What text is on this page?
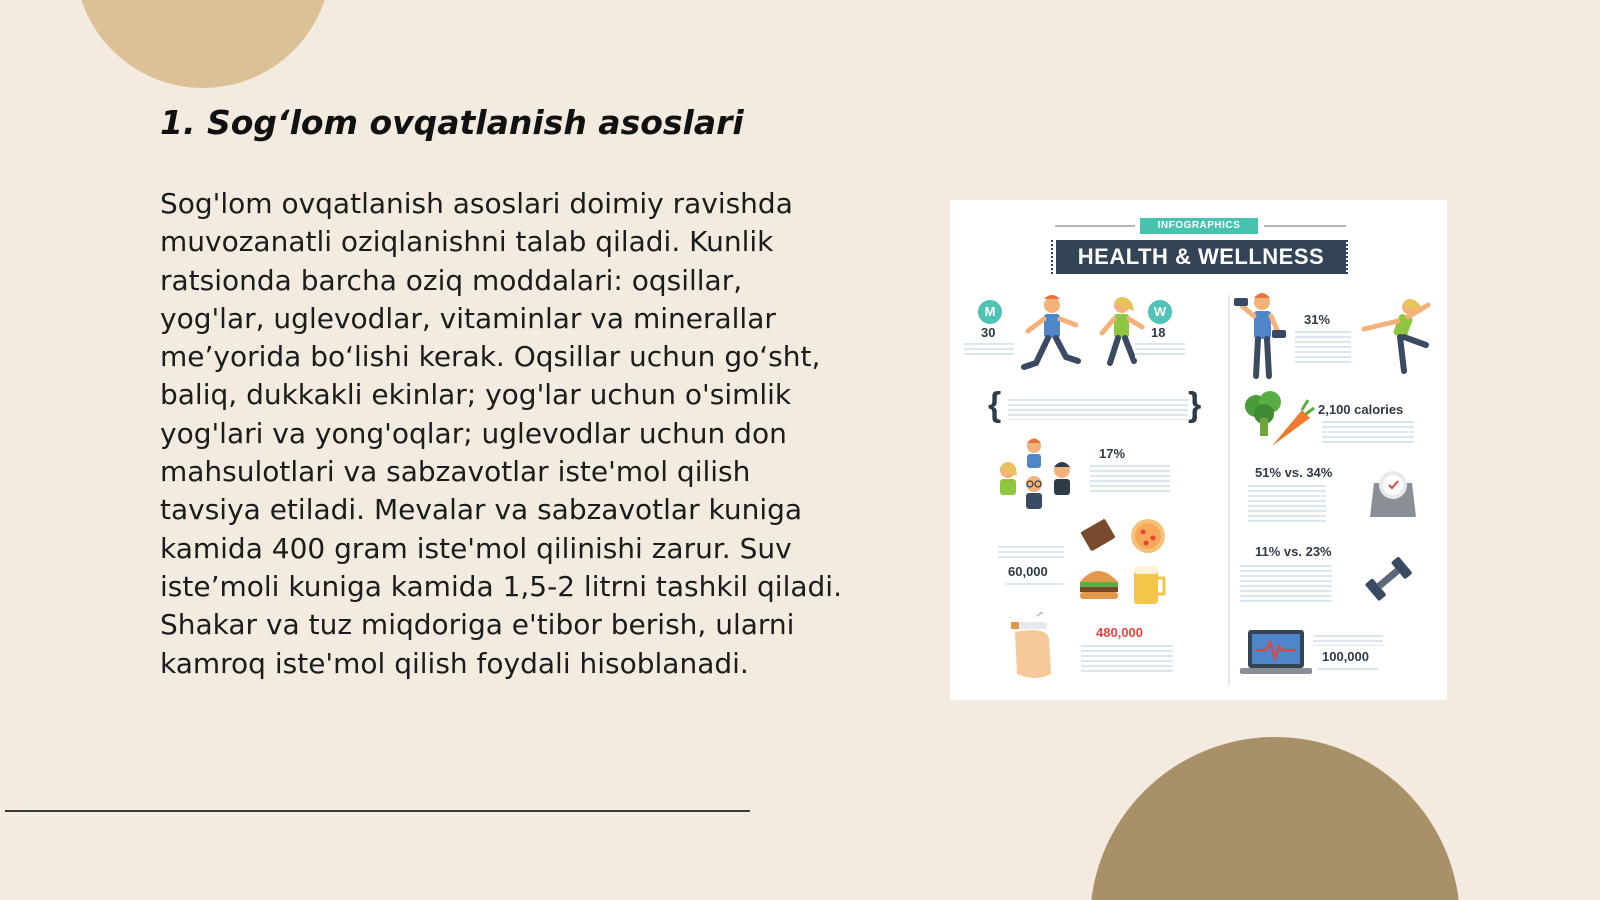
1. Sog‘lom ovqatlanish asoslari

Sog'lom ovqatlanish asoslari doimiy ravishda muvozanatli oziqlanishni talab qiladi. Kunlik ratsionda barcha oziq moddalari: oqsillar, yog'lar, uglevodlar, vitaminlar va minerallar me’yorida bo‘lishi kerak. Oqsillar uchun go‘sht, baliq, dukkakli ekinlar; yog'lar uchun o'simlik yog'lari va yong'oqlar; uglevodlar uchun don mahsulotlari va sabzavotlar iste'mol qilish tavsiya etiladi. Mevalar va sabzavotlar kuniga kamida 400 gram iste'mol qilinishi zarur. Suv iste’moli kuniga kamida 1,5-2 litrni tashkil qiladi. Shakar va tuz miqdoriga e'tibor berish, ularni kamroq iste'mol qilish foydali hisoblanadi.

INFOGRAPHICS
HEALTH & WELLNESS
M
30
W
18
31%
{	}	2,100 calories
17%
51% vs. 34%
60,000
11% vs. 23%
480,000
100,000
